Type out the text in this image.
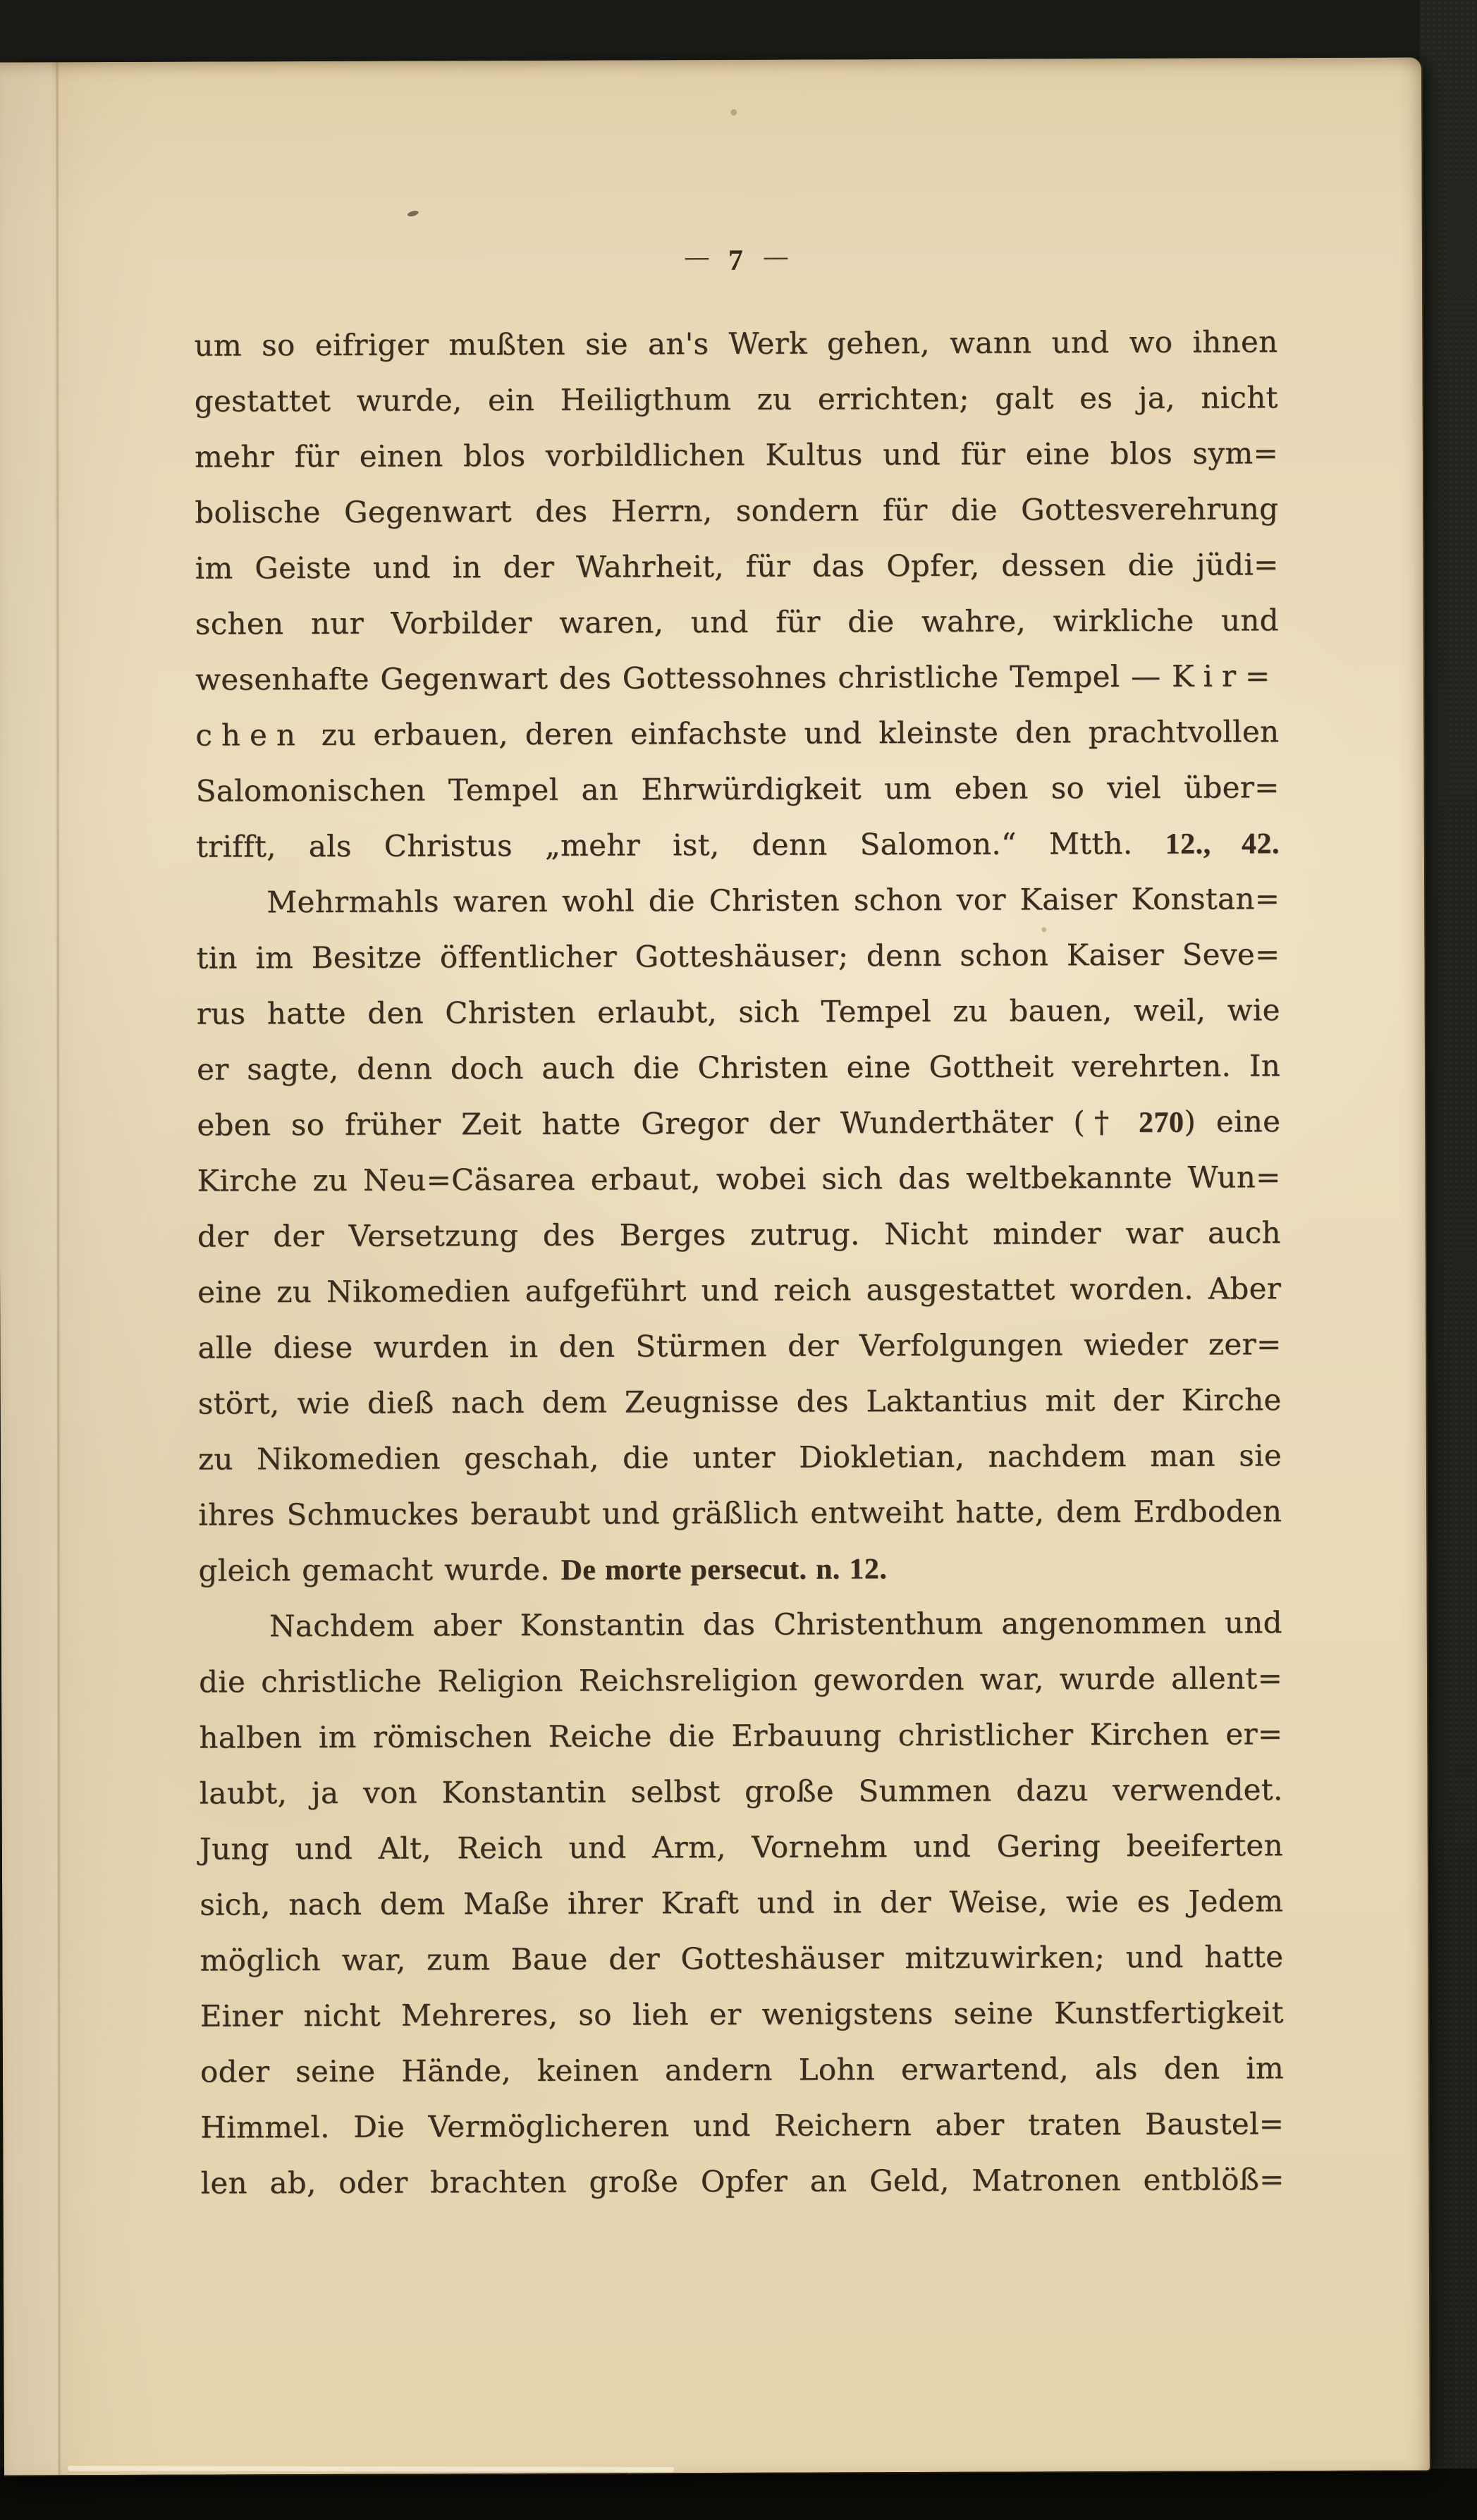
— 7 —
um so eifriger mußten sie an's Werk gehen, wann und wo ihnen
gestattet wurde, ein Heiligthum zu errichten; galt es ja, nicht
mehr für einen blos vorbildlichen Kultus und für eine blos sym=
bolische Gegenwart des Herrn, sondern für die Gottesverehrung
im Geiste und in der Wahrheit, für das Opfer, dessen die jüdi=
schen nur Vorbilder waren, und für die wahre, wirkliche und
wesenhafte Gegenwart des Gottessohnes christliche Tempel — Kir=
chen zu erbauen, deren einfachste und kleinste den prachtvollen
Salomonischen Tempel an Ehrwürdigkeit um eben so viel über=
trifft, als Christus „mehr ist, denn Salomon.“ Mtth. 12., 42.
Mehrmahls waren wohl die Christen schon vor Kaiser Konstan=
tin im Besitze öffentlicher Gotteshäuser; denn schon Kaiser Seve=
rus hatte den Christen erlaubt, sich Tempel zu bauen, weil, wie
er sagte, denn doch auch die Christen eine Gottheit verehrten. In
eben so früher Zeit hatte Gregor der Wunderthäter († 270) eine
Kirche zu Neu=Cäsarea erbaut, wobei sich das weltbekannte Wun=
der der Versetzung des Berges zutrug. Nicht minder war auch
eine zu Nikomedien aufgeführt und reich ausgestattet worden. Aber
alle diese wurden in den Stürmen der Verfolgungen wieder zer=
stört, wie dieß nach dem Zeugnisse des Laktantius mit der Kirche
zu Nikomedien geschah, die unter Diokletian, nachdem man sie
ihres Schmuckes beraubt und gräßlich entweiht hatte, dem Erdboden
gleich gemacht wurde. De morte persecut. n. 12.
Nachdem aber Konstantin das Christenthum angenommen und
die christliche Religion Reichsreligion geworden war, wurde allent=
halben im römischen Reiche die Erbauung christlicher Kirchen er=
laubt, ja von Konstantin selbst große Summen dazu verwendet.
Jung und Alt, Reich und Arm, Vornehm und Gering beeiferten
sich, nach dem Maße ihrer Kraft und in der Weise, wie es Jedem
möglich war, zum Baue der Gotteshäuser mitzuwirken; und hatte
Einer nicht Mehreres, so lieh er wenigstens seine Kunstfertigkeit
oder seine Hände, keinen andern Lohn erwartend, als den im
Himmel. Die Vermöglicheren und Reichern aber traten Baustel=
len ab, oder brachten große Opfer an Geld, Matronen entblöß=
